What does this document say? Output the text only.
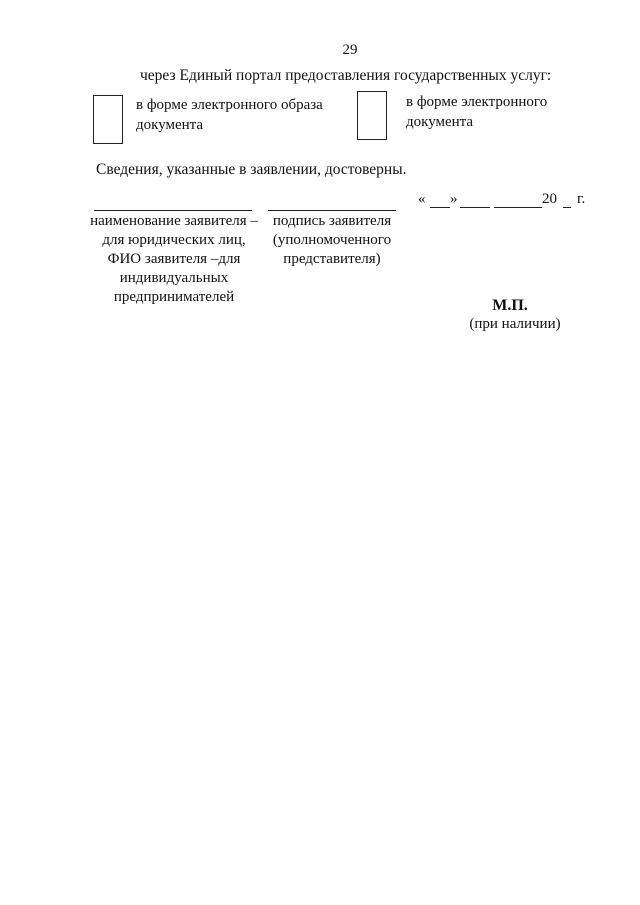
29
через Единый портал предоставления государственных услуг:
в форме электронного образа документа
в форме электронного документа
Сведения, указанные в заявлении, достоверны.
« »	20 г.
наименование заявителя – для юридических лиц, ФИО заявителя –для индивидуальных предпринимателей
подпись заявителя (уполномоченного представителя)
М.П.
(при наличии)
